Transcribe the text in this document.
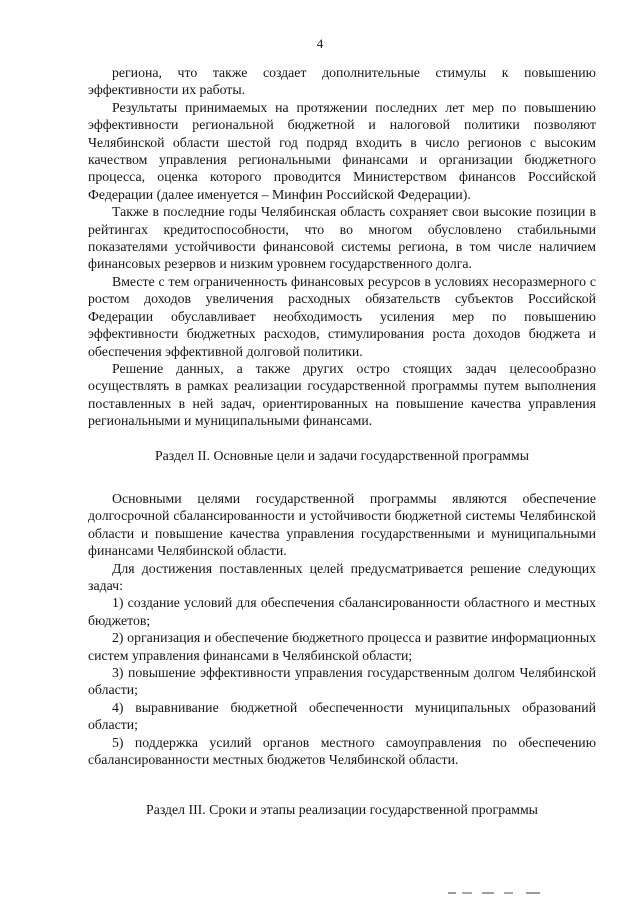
4

региона, что также создает дополнительные стимулы к повышению эффективности их работы.

Результаты принимаемых на протяжении последних лет мер по повышению эффективности региональной бюджетной и налоговой политики позволяют Челябинской области шестой год подряд входить в число регионов с высоким качеством управления региональными финансами и организации бюджетного процесса, оценка которого проводится Министерством финансов Российской Федерации (далее именуется – Минфин Российской Федерации).

Также в последние годы Челябинская область сохраняет свои высокие позиции в рейтингах кредитоспособности, что во многом обусловлено стабильными показателями устойчивости финансовой системы региона, в том числе наличием финансовых резервов и низким уровнем государственного долга.

Вместе с тем ограниченность финансовых ресурсов в условиях несоразмерного с ростом доходов увеличения расходных обязательств субъектов Российской Федерации обуславливает необходимость усиления мер по повышению эффективности бюджетных расходов, стимулирования роста доходов бюджета и обеспечения эффективной долговой политики.

Решение данных, а также других остро стоящих задач целесообразно осуществлять в рамках реализации государственной программы путем выполнения поставленных в ней задач, ориентированных на повышение качества управления региональными и муниципальными финансами.

Раздел II. Основные цели и задачи государственной программы

Основными целями государственной программы являются обеспечение долгосрочной сбалансированности и устойчивости бюджетной системы Челябинской области и повышение качества управления государственными и муниципальными финансами Челябинской области.

Для достижения поставленных целей предусматривается решение следующих задач:

1) создание условий для обеспечения сбалансированности областного и местных бюджетов;

2) организация и обеспечение бюджетного процесса и развитие информационных систем управления финансами в Челябинской области;

3) повышение эффективности управления государственным долгом Челябинской области;

4) выравнивание бюджетной обеспеченности муниципальных образований области;

5) поддержка усилий органов местного самоуправления по обеспечению сбалансированности местных бюджетов Челябинской области.

Раздел III. Сроки и этапы реализации государственной программы
